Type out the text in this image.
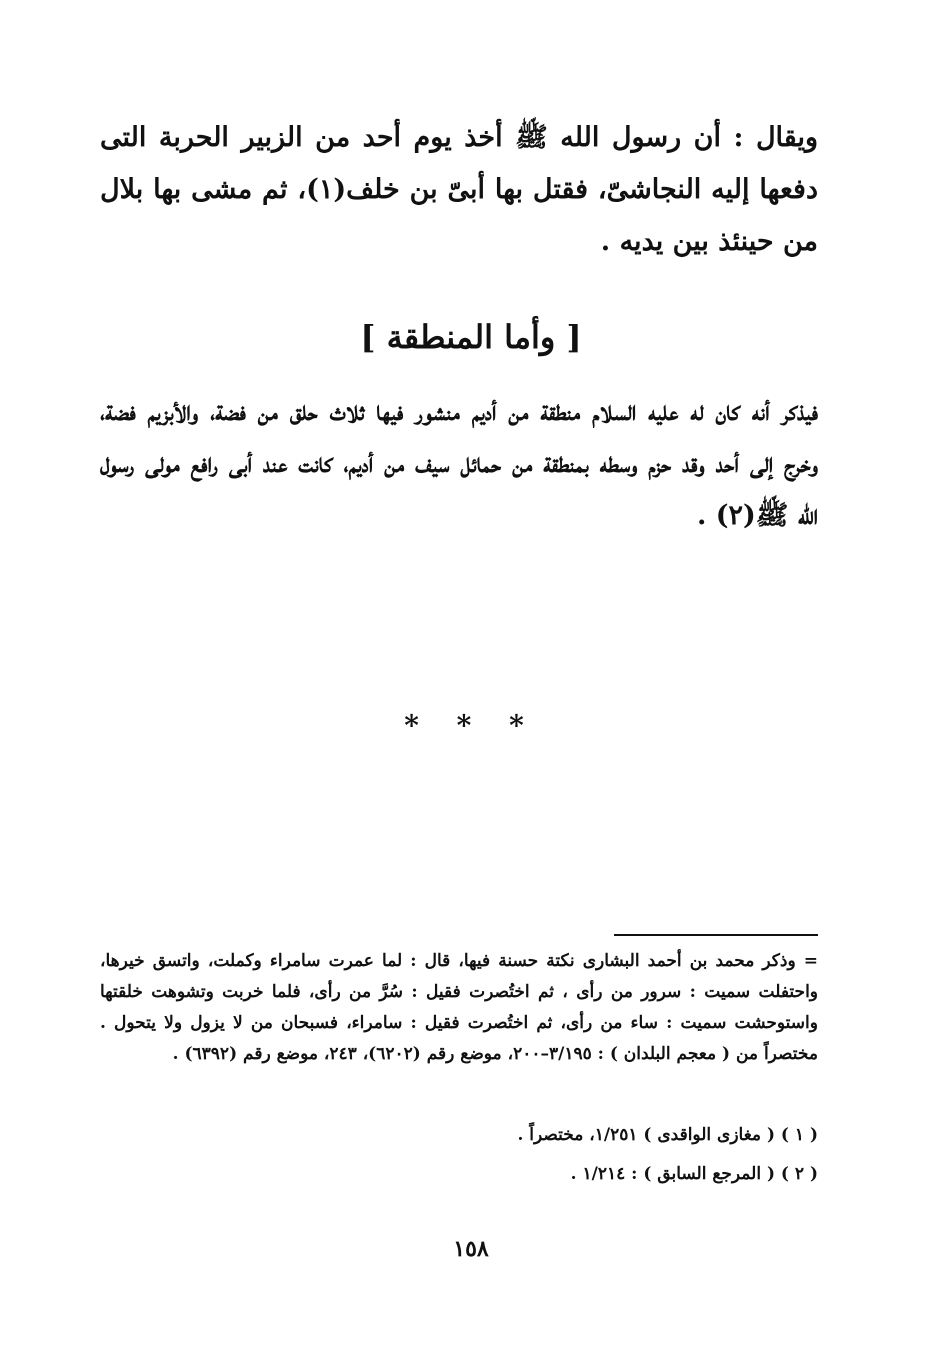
ويقال : أن رسول الله ﷺ أخذ يوم أحد من الزبير الحربة التى دفعها إليه النجاشىّ، فقتل بها أبىّ بن خلف(١)، ثم مشى بها بلال من حينئذ بين يديه .
[ وأما المنطقة ]
فيذكر أنه كان له عليه السلام منطقة من أديم منشور فيها ثلاث حلق من فضة، والأبزيم فضة، وخرج إلى أحد وقد حزم وسطه بمنطقة من حمائل سيف من أديم، كانت عند أبى رافع مولى رسول الله ﷺ(٢) .
* * *
= وذكر محمد بن أحمد البشارى نكتة حسنة فيها، قال : لما عمرت سامراء وكملت، واتسق خيرها، واحتفلت سميت : سرور من رأى ، ثم اختُصرت فقيل : سُرَّ من رأى، فلما خربت وتشوهت خلقتها واستوحشت سميت : ساء من رأى، ثم اختُصرت فقيل : سامراء، فسبحان من لا يزول ولا يتحول . مختصراً من ( معجم البلدان ) : ٣/١٩٥–٢٠٠، موضع رقم (٦٢٠٢)، ٢٤٣، موضع رقم (٦٣٩٢) .
( ١ ) ( مغازى الواقدى ) ١/٢٥١، مختصراً .
( ٢ ) ( المرجع السابق ) : ١/٢١٤ .
١٥٨
